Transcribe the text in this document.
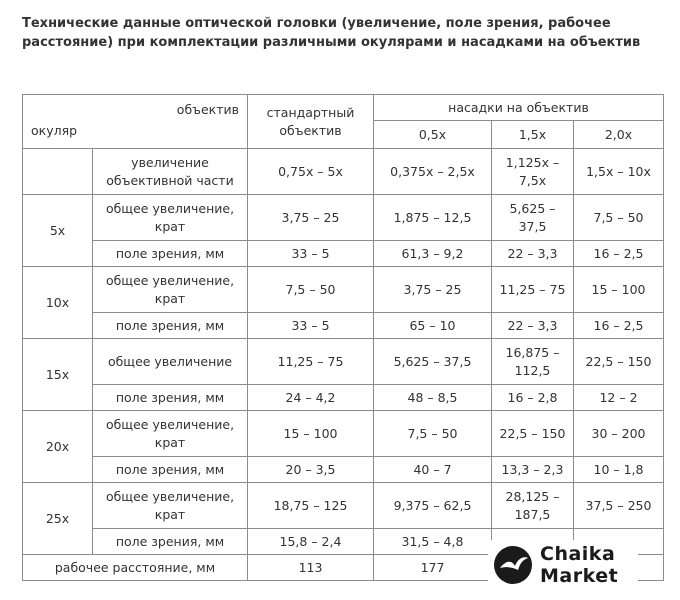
Технические данные оптической головки (увеличение, поле зрения, рабочее расстояние) при комплектации различными окулярами и насадками на объектив
объектив
окуляр		стандартный объектив	насадки на объектив		
			0,5x	1,5x	2,0x
	увеличение объективной части	0,75x – 5x	0,375x – 2,5x	1,125x – 7,5x	1,5x – 10x
5x	общее увеличение, крат	3,75 – 25	1,875 – 12,5	5,625 – 37,5	7,5 – 50
	поле зрения, мм	33 – 5	61,3 – 9,2	22 – 3,3	16 – 2,5
10x	общее увеличение, крат	7,5 – 50	3,75 – 25	11,25 – 75	15 – 100
	поле зрения, мм	33 – 5	65 – 10	22 – 3,3	16 – 2,5
15x	общее увеличение	11,25 – 75	5,625 – 37,5	16,875 – 112,5	22,5 – 150
	поле зрения, мм	24 – 4,2	48 – 8,5	16 – 2,8	12 – 2
20x	общее увеличение, крат	15 – 100	7,5 – 50	22,5 – 150	30 – 200
	поле зрения, мм	20 – 3,5	40 – 7	13,3 – 2,3	10 – 1,8
25x	общее увеличение, крат	18,75 – 125	9,375 – 62,5	28,125 – 187,5	37,5 – 250
	поле зрения, мм	15,8 – 2,4	31,5 – 4,8		
рабочее расстояние, мм		113	177		
Chaika
Market
